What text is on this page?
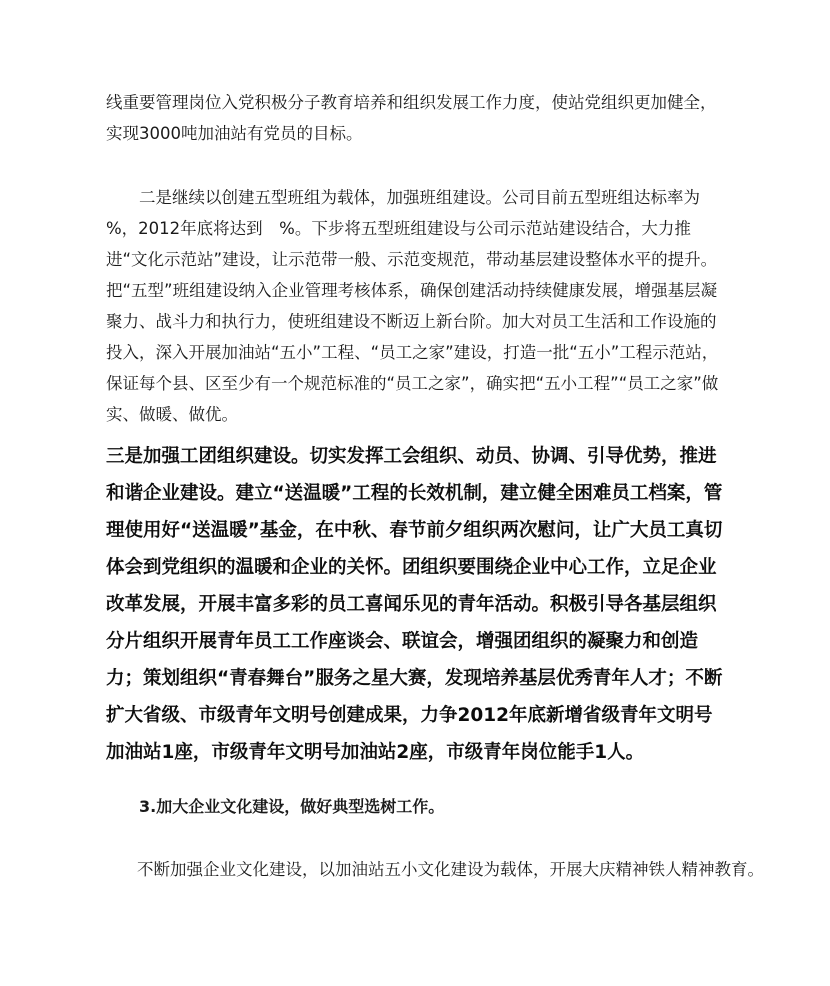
ㅤ

线重要管理岗位入党积极分子教育培养和组织发展工作力度，使站党组织更加健全，实现3000吨加油站有党员的目标。

二是继续以创建五型班组为载体，加强班组建设。公司目前五型班组达标率为　%，2012年底将达到　%。下步将五型班组建设与公司示范站建设结合，大力推进“文化示范站”建设，让示范带一般、示范变规范，带动基层建设整体水平的提升。把“五型”班组建设纳入企业管理考核体系，确保创建活动持续健康发展，增强基层凝聚力、战斗力和执行力，使班组建设不断迈上新台阶。加大对员工生活和工作设施的投入，深入开展加油站“五小”工程、“员工之家”建设，打造一批“五小”工程示范站，保证每个县、区至少有一个规范标准的“员工之家”，确实把“五小工程”“员工之家”做实、做暖、做优。

三是加强工团组织建设。切实发挥工会组织、动员、协调、引导优势，推进和谐企业建设。建立“送温暖”工程的长效机制，建立健全困难员工档案，管理使用好“送温暖”基金，在中秋、春节前夕组织两次慰问，让广大员工真切体会到党组织的温暖和企业的关怀。团组织要围绕企业中心工作，立足企业改革发展，开展丰富多彩的员工喜闻乐见的青年活动。积极引导各基层组织分片组织开展青年员工工作座谈会、联谊会，增强团组织的凝聚力和创造力；策划组织“青春舞台”服务之星大赛，发现培养基层优秀青年人才；不断扩大省级、市级青年文明号创建成果，力争2012年底新增省级青年文明号加油站1座，市级青年文明号加油站2座，市级青年岗位能手1人。

3.加大企业文化建设，做好典型选树工作。

不断加强企业文化建设，以加油站五小文化建设为载体，开展大庆精神铁人精神教育。
